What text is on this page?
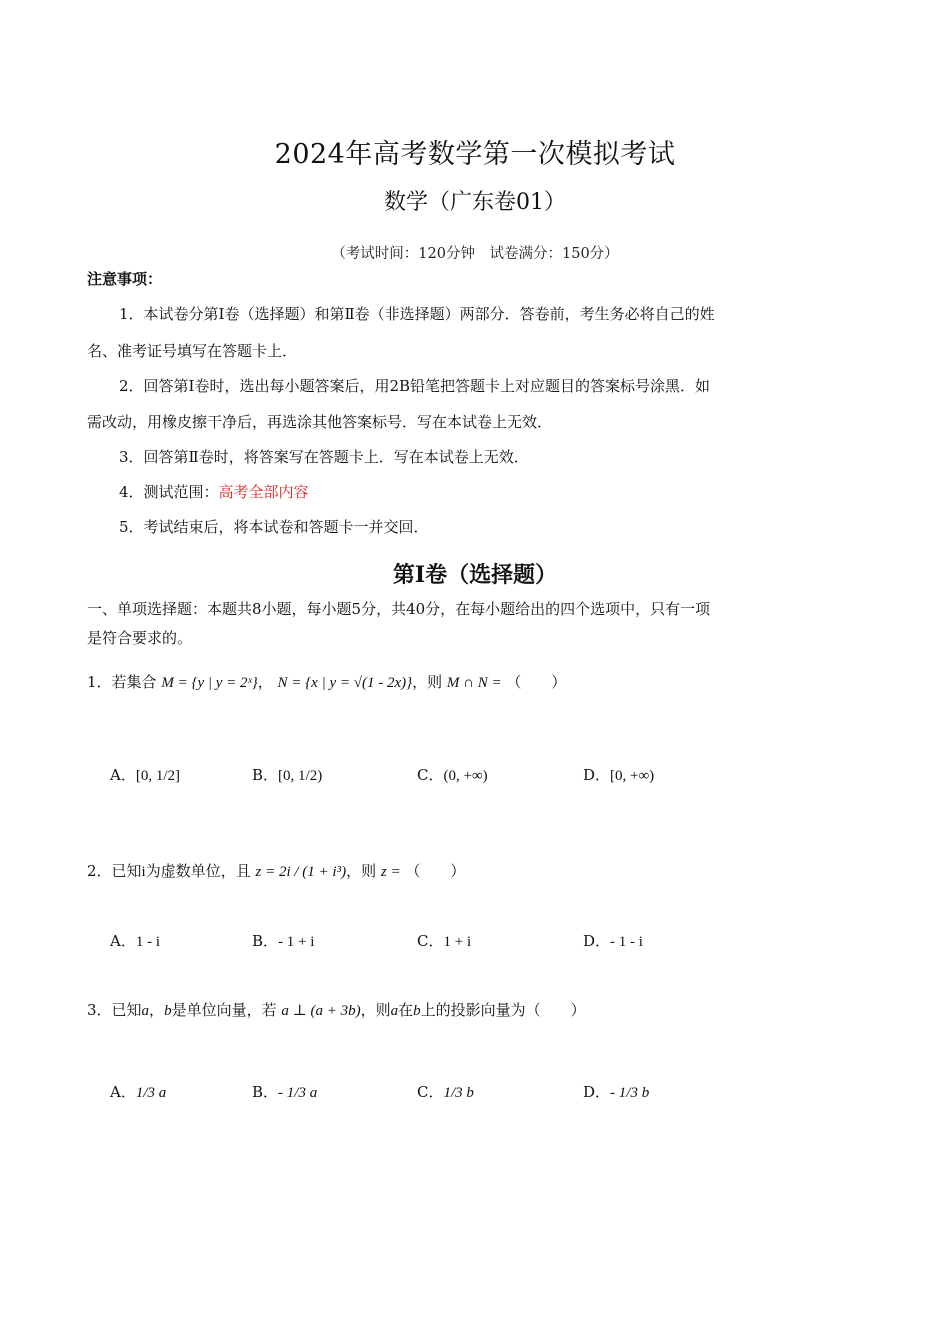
2024年高考数学第一次模拟考试
数学（广东卷01）
（考试时间：120分钟　试卷满分：150分）
注意事项：
1．本试卷分第Ⅰ卷（选择题）和第Ⅱ卷（非选择题）两部分．答卷前，考生务必将自己的姓
名、准考证号填写在答题卡上．
2．回答第Ⅰ卷时，选出每小题答案后，用2B铅笔把答题卡上对应题目的答案标号涂黑．如
需改动，用橡皮擦干净后，再选涂其他答案标号．写在本试卷上无效．
3．回答第Ⅱ卷时，将答案写在答题卡上．写在本试卷上无效．
4．测试范围：高考全部内容
5．考试结束后，将本试卷和答题卡一并交回．
第Ⅰ卷（选择题）
一、单项选择题：本题共8小题，每小题5分，共40分，在每小题给出的四个选项中，只有一项
是符合要求的。
1．若集合 M = {y | y = 2ˣ}， N = {x | y = √(1 - 2x)}，则 M ∩ N = （　　）
A．[0, 1/2]	B．[0, 1/2)	C．(0, +∞)	D．[0, +∞)
2．已知i为虚数单位，且 z = 2i / (1 + i³)，则 z = （　　）
A．1 - i	B．- 1 + i	C．1 + i	D．- 1 - i
3．已知a，b是单位向量，若 a ⊥ (a + 3b)，则a在b上的投影向量为（　　）
A．1/3 a	B．- 1/3 a	C．1/3 b	D．- 1/3 b
